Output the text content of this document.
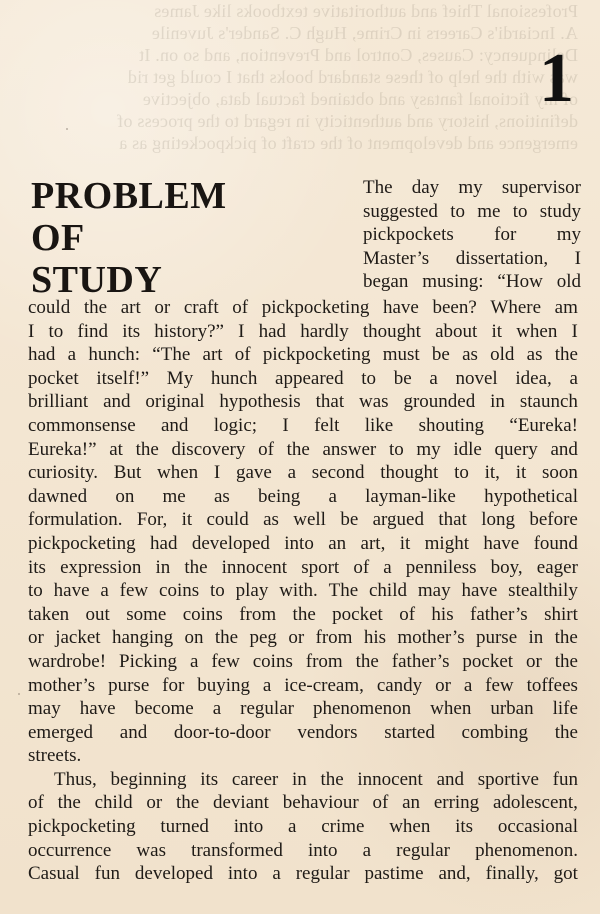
Professional Thief and authoritative textbooks like James
A. Inciardi's Careers in Crime, Hugh C. Sander's Juvenile
Delinquency: Causes, Control and Prevention, and so on. It
was with the help of these standard books that I could get rid
of my fictional fantasy and obtained factual data, objective
definitions, history and authenticity in regard to the process of
emergence and development of the craft of pickpocketing as a
1
PROBLEM
OF
STUDY
The day my supervisor
suggested to me to study
pickpockets for my
Master’s dissertation, I
began musing: “How old
could the art or craft of pickpocketing have been? Where am
I to find its history?” I had hardly thought about it when I
had a hunch: “The art of pickpocketing must be as old as the
pocket itself!” My hunch appeared to be a novel idea, a
brilliant and original hypothesis that was grounded in staunch
commonsense and logic; I felt like shouting “Eureka!
Eureka!” at the discovery of the answer to my idle query and
curiosity. But when I gave a second thought to it, it soon
dawned on me as being a layman-like hypothetical
formulation. For, it could as well be argued that long before
pickpocketing had developed into an art, it might have found
its expression in the innocent sport of a penniless boy, eager
to have a few coins to play with. The child may have stealthily
taken out some coins from the pocket of his father’s shirt
or jacket hanging on the peg or from his mother’s purse in the
wardrobe! Picking a few coins from the father’s pocket or the
mother’s purse for buying a ice-cream, candy or a few toffees
may have become a regular phenomenon when urban life
emerged and door-to-door vendors started combing the
streets.
Thus, beginning its career in the innocent and sportive fun
of the child or the deviant behaviour of an erring adolescent,
pickpocketing turned into a crime when its occasional
occurrence was transformed into a regular phenomenon.
Casual fun developed into a regular pastime and, finally, got
